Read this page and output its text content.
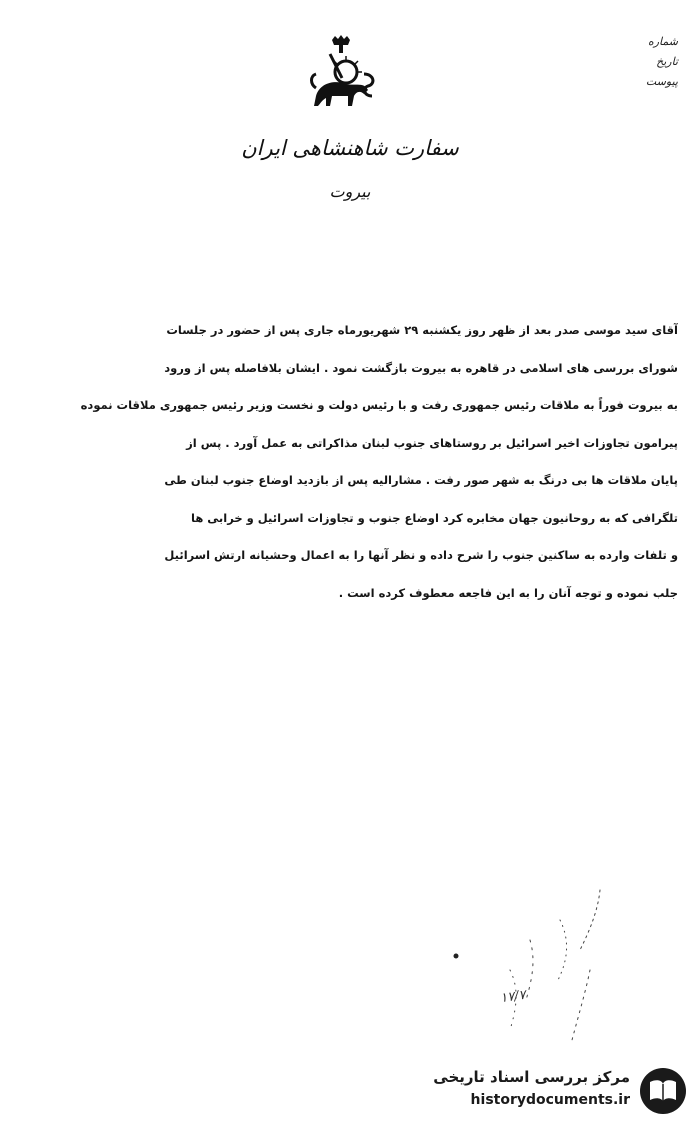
شماره
تاریخ
پیوست
سفارت شاهنشاهی ایران
بیروت
آقای سید موسی صدر بعد از ظهر روز یکشنبه ۲۹ شهریورماه جاری پس از حضور در جلسات
شورای بررسی های اسلامی در قاهره به بیروت بازگشت نمود . ایشان بلافاصله پس از ورود
به بیروت فوراً به ملاقات رئیس جمهوری رفت و با رئیس دولت و نخست وزیر رئیس جمهوری ملاقات نموده
پیرامون تجاوزات اخیر اسرائیل بر روستاهای جنوب لبنان مذاکراتی به عمل آورد . پس از
پایان ملاقات ها بی درنگ به شهر صور رفت . مشارالیه پس از بازدید اوضاع جنوب لبنان طی
تلگرافی که به روحانیون جهان مخابره کرد اوضاع جنوب و تجاوزات اسرائیل و خرابی ها
و تلفات وارده به ساکنین جنوب را شرح داده و نظر آنها را به اعمال وحشیانه ارتش اسرائیل
جلب نموده و توجه آنان را به این فاجعه معطوف کرده است .
۱۷/۷
مرکز بررسی اسناد تاریخی
historydocuments.ir
